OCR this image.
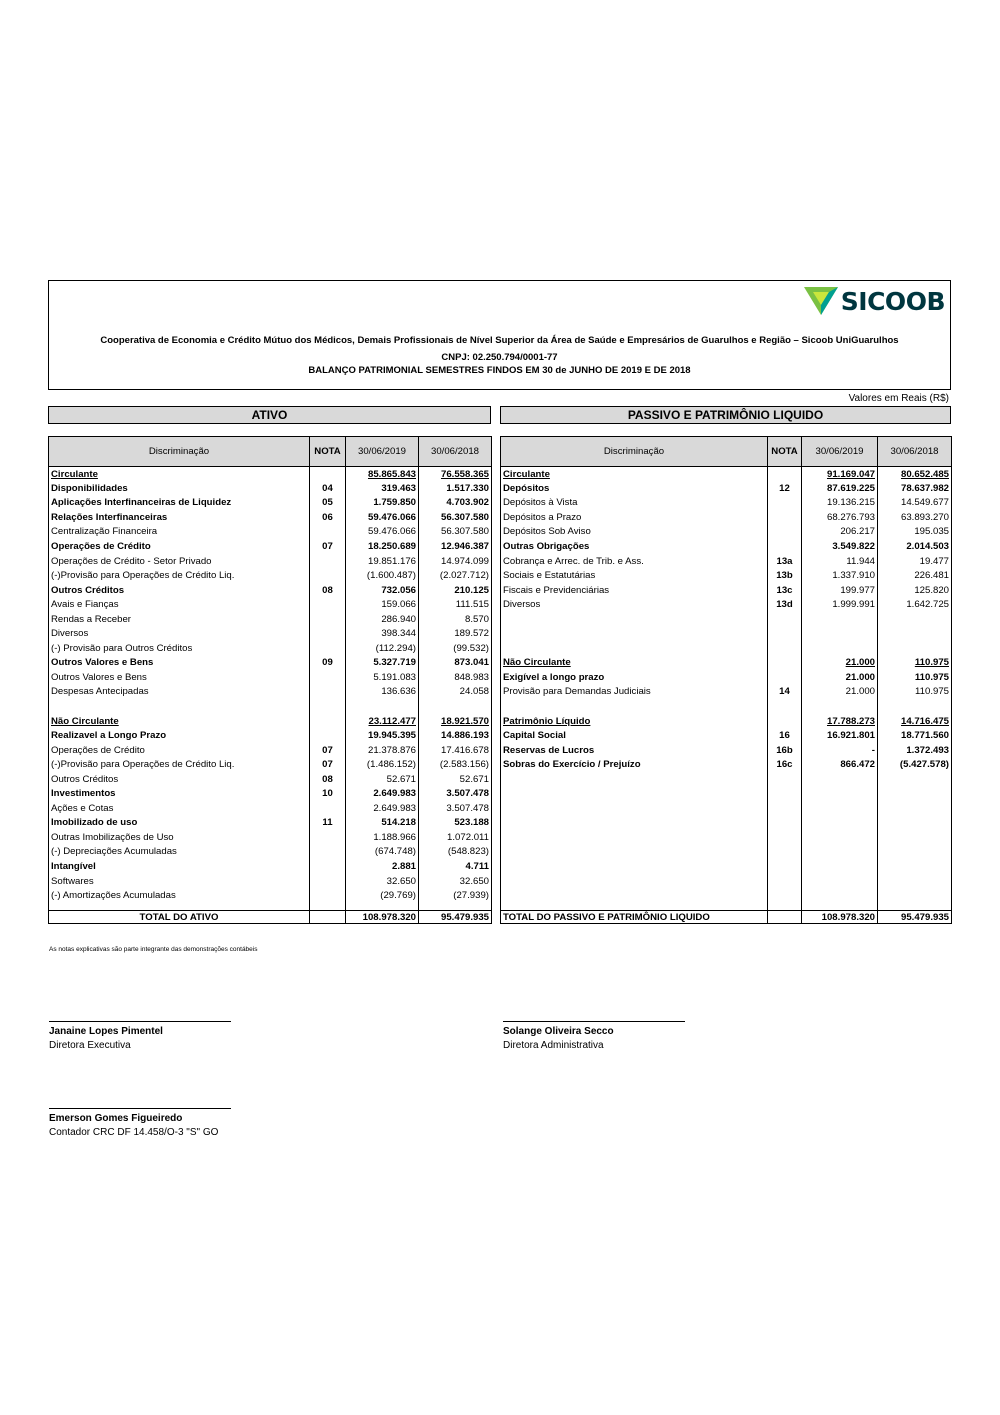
SICOOB
Cooperativa de Economia e Crédito Mútuo dos Médicos, Demais Profissionais de Nível Superior da Área de Saúde e Empresários de Guarulhos e Região – Sicoob UniGuarulhos
CNPJ: 02.250.794/0001-77
BALANÇO PATRIMONIAL SEMESTRES FINDOS EM 30 de JUNHO DE 2019 E DE 2018
Valores em Reais (R$)
ATIVO	PASSIVO E PATRIMÔNIO LIQUIDO
Discriminação	NOTA	30/06/2019	30/06/2018
Circulante		85.865.843	76.558.365
Disponibilidades	04	319.463	1.517.330
Aplicações Interfinanceiras de Liquidez	05	1.759.850	4.703.902
Relações Interfinanceiras	06	59.476.066	56.307.580
Centralização Financeira		59.476.066	56.307.580
Operações de Crédito	07	18.250.689	12.946.387
Operações de Crédito - Setor Privado		19.851.176	14.974.099
(-)Provisão para Operações de Crédito Liq.		(1.600.487)	(2.027.712)
Outros Créditos	08	732.056	210.125
Avais e Fianças		159.066	111.515
Rendas a Receber		286.940	8.570
Diversos		398.344	189.572
(-) Provisão para Outros Créditos		(112.294)	(99.532)
Outros Valores e Bens	09	5.327.719	873.041
Outros Valores e Bens		5.191.083	848.983
Despesas Antecipadas		136.636	24.058

Não Circulante		23.112.477	18.921.570
Realizavel a Longo Prazo		19.945.395	14.886.193
Operações de Crédito	07	21.378.876	17.416.678
(-)Provisão para Operações de Crédito Liq.	07	(1.486.152)	(2.583.156)
Outros Créditos	08	52.671	52.671
Investimentos	10	2.649.983	3.507.478
Ações e Cotas		2.649.983	3.507.478
Imobilizado de uso	11	514.218	523.188
Outras Imobilizações de Uso		1.188.966	1.072.011
(-) Depreciações Acumuladas		(674.748)	(548.823)
Intangível		2.881	4.711
Softwares		32.650	32.650
(-) Amortizações Acumuladas		(29.769)	(27.939)

TOTAL DO ATIVO		108.978.320	95.479.935
Discriminação	NOTA	30/06/2019	30/06/2018
Circulante		91.169.047	80.652.485
Depósitos	12	87.619.225	78.637.982
Depósitos à Vista		19.136.215	14.549.677
Depósitos a Prazo		68.276.793	63.893.270
Depósitos Sob Aviso		206.217	195.035
Outras Obrigações		3.549.822	2.014.503
Cobrança e Arrec. de Trib. e Ass.	13a	11.944	19.477
Sociais e Estatutárias	13b	1.337.910	226.481
Fiscais e Previdenciárias	13c	199.977	125.820
Diversos	13d	1.999.991	1.642.725

Não Circulante		21.000	110.975
Exigível a longo prazo		21.000	110.975
Provisão para Demandas Judiciais	14	21.000	110.975

Patrimônio Líquido		17.788.273	14.716.475
Capital Social	16	16.921.801	18.771.560
Reservas de Lucros	16b	-	1.372.493
Sobras do Exercício / Prejuízo	16c	866.472	(5.427.578)

TOTAL DO PASSIVO E PATRIMÔNIO LIQUIDO		108.978.320	95.479.935
As notas explicativas são parte integrante das demonstrações contábeis
Janaine Lopes Pimentel
Diretora Executiva
Solange Oliveira Secco
Diretora Administrativa
Emerson Gomes Figueiredo
Contador CRC DF 14.458/O-3 "S" GO
